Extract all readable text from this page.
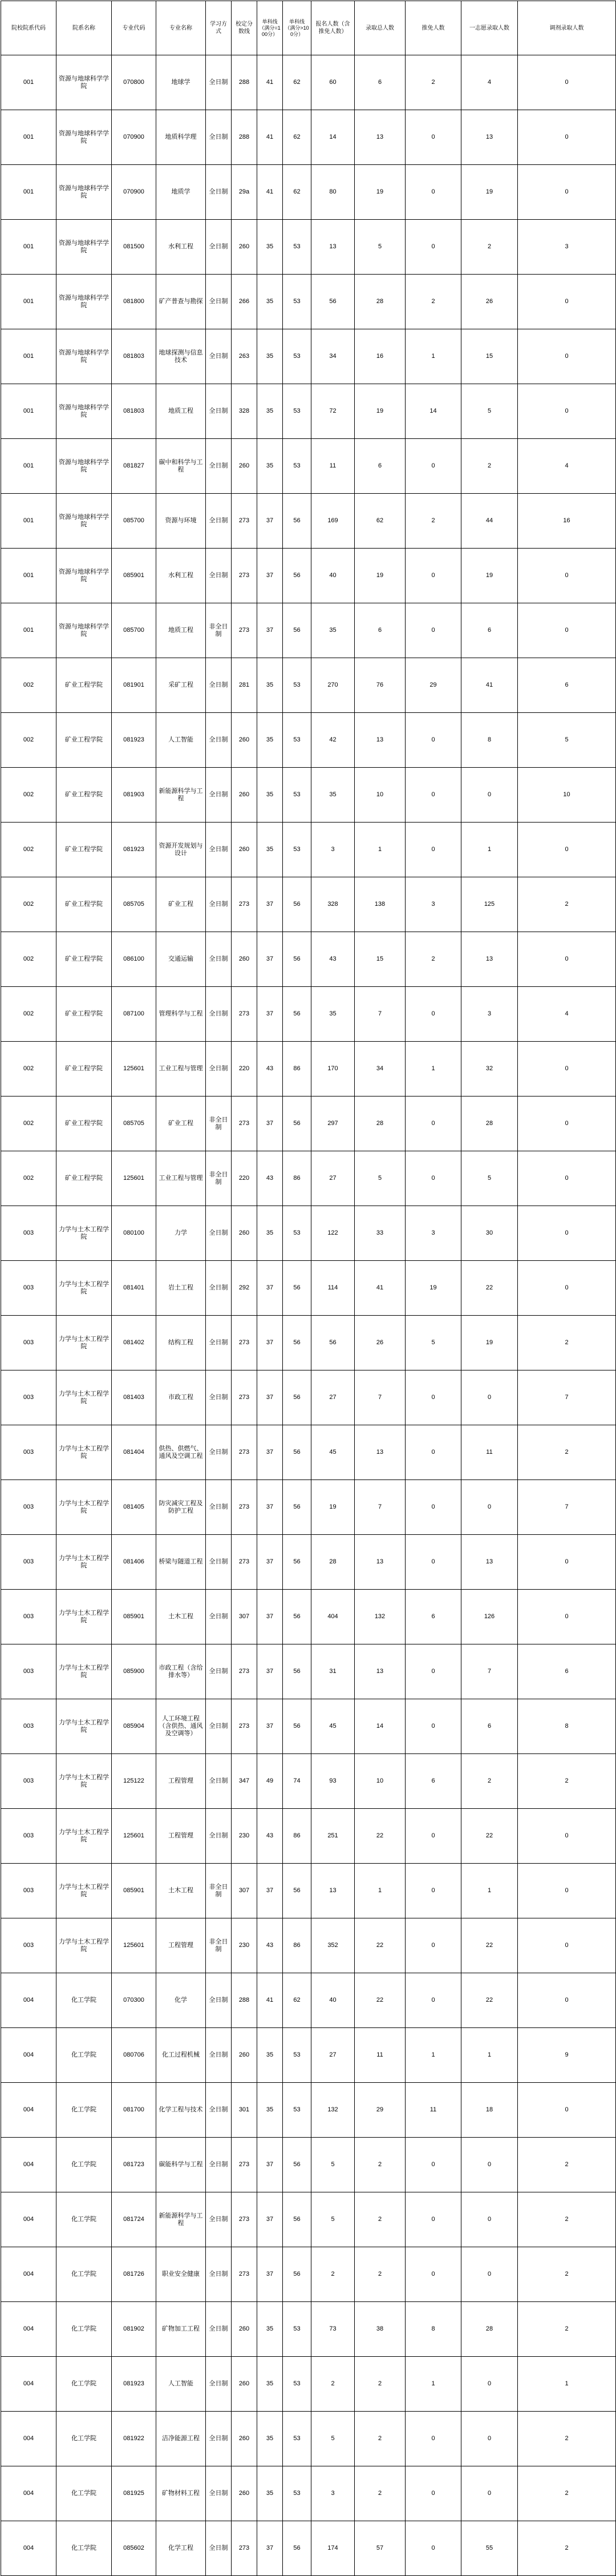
院校院系代码	院系名称	专业代码	专业名称	学习方式	校定分数线	单科线（满分=100分）	单科线（满分>100分）	报名人数（含推免人数）	录取总人数	推免人数	一志愿录取人数	调剂录取人数
001	资源与地球科学学院	070800	地球学	全日制	288	41	62	60	6	2	4	0
001	资源与地球科学学院	070900	地质科学理	全日制	288	41	62	14	13	0	13	0
001	资源与地球科学学院	070900	地质学	全日制	29a	41	62	80	19	0	19	0
001	资源与地球科学学院	081500	水利工程	全日制	260	35	53	13	5	0	2	3
001	资源与地球科学学院	081800	矿产普查与勘探	全日制	266	35	53	56	28	2	26	0
001	资源与地球科学学院	081803	地球探测与信息技术	全日制	263	35	53	34	16	1	15	0
001	资源与地球科学学院	081803	地质工程	全日制	328	35	53	72	19	14	5	0
001	资源与地球科学学院	081827	碳中和科学与工程	全日制	260	35	53	11	6	0	2	4
001	资源与地球科学学院	085700	资源与环境	全日制	273	37	56	169	62	2	44	16
001	资源与地球科学学院	085901	水利工程	全日制	273	37	56	40	19	0	19	0
001	资源与地球科学学院	085700	地质工程	非全日制	273	37	56	35	6	0	6	0
002	矿业工程学院	081901	采矿工程	全日制	281	35	53	270	76	29	41	6
002	矿业工程学院	081923	人工智能	全日制	260	35	53	42	13	0	8	5
002	矿业工程学院	081903	新能源科学与工程	全日制	260	35	53	35	10	0	0	10
002	矿业工程学院	081923	资源开发规划与设计	全日制	260	35	53	3	1	0	1	0
002	矿业工程学院	085705	矿业工程	全日制	273	37	56	328	138	3	125	2
002	矿业工程学院	086100	交通运输	全日制	260	37	56	43	15	2	13	0
002	矿业工程学院	087100	管理科学与工程	全日制	273	37	56	35	7	0	3	4
002	矿业工程学院	125601	工业工程与管理	全日制	220	43	86	170	34	1	32	0
002	矿业工程学院	085705	矿业工程	非全日制	273	37	56	297	28	0	28	0
002	矿业工程学院	125601	工业工程与管理	非全日制	220	43	86	27	5	0	5	0
003	力学与土木工程学院	080100	力学	全日制	260	35	53	122	33	3	30	0
003	力学与土木工程学院	081401	岩土工程	全日制	292	37	56	114	41	19	22	0
003	力学与土木工程学院	081402	结构工程	全日制	273	37	56	56	26	5	19	2
003	力学与土木工程学院	081403	市政工程	全日制	273	37	56	27	7	0	0	7
003	力学与土木工程学院	081404	供热、供燃气、通风及空调工程	全日制	273	37	56	45	13	0	11	2
003	力学与土木工程学院	081405	防灾减灾工程及防护工程	全日制	273	37	56	19	7	0	0	7
003	力学与土木工程学院	081406	桥梁与隧道工程	全日制	273	37	56	28	13	0	13	0
003	力学与土木工程学院	085901	土木工程	全日制	307	37	56	404	132	6	126	0
003	力学与土木工程学院	085900	市政工程（含给排水等）	全日制	273	37	56	31	13	0	7	6
003	力学与土木工程学院	085904	人工环境工程（含供热、通风及空调等）	全日制	273	37	56	45	14	0	6	8
003	力学与土木工程学院	125122	工程管理	全日制	347	49	74	93	10	6	2	2
003	力学与土木工程学院	125601	工程管理	全日制	230	43	86	251	22	0	22	0
003	力学与土木工程学院	085901	土木工程	非全日制	307	37	56	13	1	0	1	0
003	力学与土木工程学院	125601	工程管理	非全日制	230	43	86	352	22	0	22	0
004	化工学院	070300	化学	全日制	288	41	62	40	22	0	22	0
004	化工学院	080706	化工过程机械	全日制	260	35	53	27	11	1	1	9
004	化工学院	081700	化学工程与技术	全日制	301	35	53	132	29	11	18	0
004	化工学院	081723	碳能科学与工程	全日制	273	37	56	5	2	0	0	2
004	化工学院	081724	新能源科学与工程	全日制	273	37	56	5	2	0	0	2
004	化工学院	081726	职业安全健康	全日制	273	37	56	2	2	0	0	2
004	化工学院	081902	矿物加工工程	全日制	260	35	53	73	38	8	28	2
004	化工学院	081923	人工智能	全日制	260	35	53	2	2	1	0	1
004	化工学院	081922	洁净能源工程	全日制	260	35	53	5	2	0	0	2
004	化工学院	081925	矿物材料工程	全日制	260	35	53	3	2	0	0	2
004	化工学院	085602	化学工程	全日制	273	37	56	174	57	0	55	2
